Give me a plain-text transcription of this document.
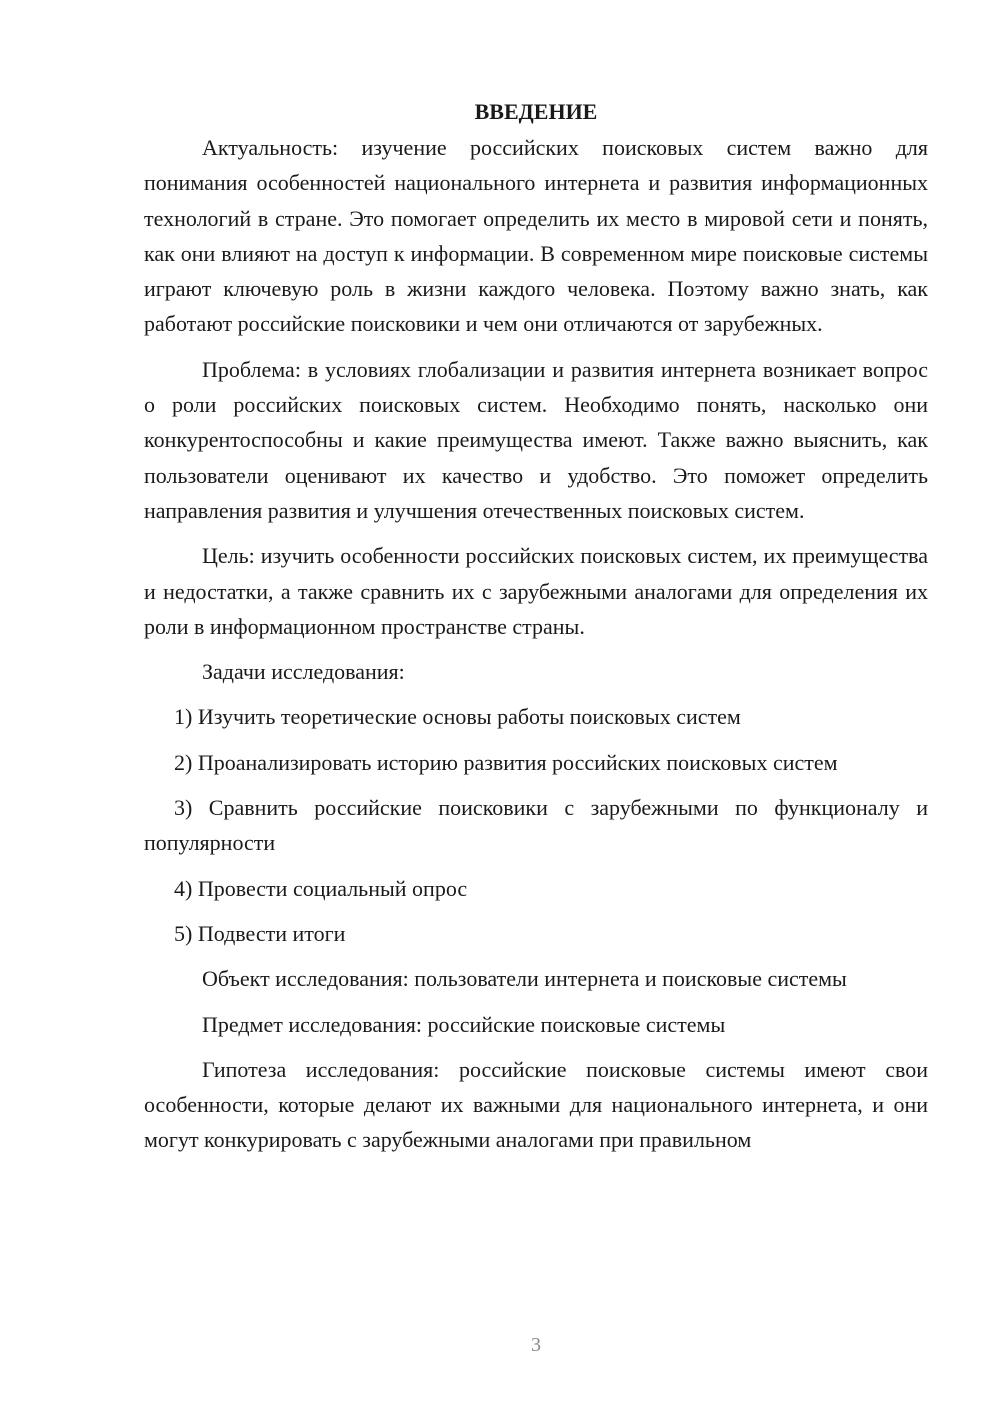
ВВЕДЕНИЕ

Актуальность: изучение российских поисковых систем важно для понимания особенностей национального интернета и развития информационных технологий в стране. Это помогает определить их место в мировой сети и понять, как они влияют на доступ к информации. В современном мире поисковые системы играют ключевую роль в жизни каждого человека. Поэтому важно знать, как работают российские поисковики и чем они отличаются от зарубежных.

Проблема: в условиях глобализации и развития интернета возникает вопрос о роли российских поисковых систем. Необходимо понять, насколько они конкурентоспособны и какие преимущества имеют. Также важно выяснить, как пользователи оценивают их качество и удобство. Это поможет определить направления развития и улучшения отечественных поисковых систем.

Цель: изучить особенности российских поисковых систем, их преимущества и недостатки, а также сравнить их с зарубежными аналогами для определения их роли в информационном пространстве страны.

Задачи исследования:

1) Изучить теоретические основы работы поисковых систем

2) Проанализировать историю развития российских поисковых систем

3) Сравнить российские поисковики с зарубежными по функционалу и популярности

4) Провести социальный опрос

5) Подвести итоги

Объект исследования: пользователи интернета и поисковые системы

Предмет исследования: российские поисковые системы

Гипотеза исследования: российские поисковые системы имеют свои особенности, которые делают их важными для национального интернета, и они могут конкурировать с зарубежными аналогами при правильном

3
